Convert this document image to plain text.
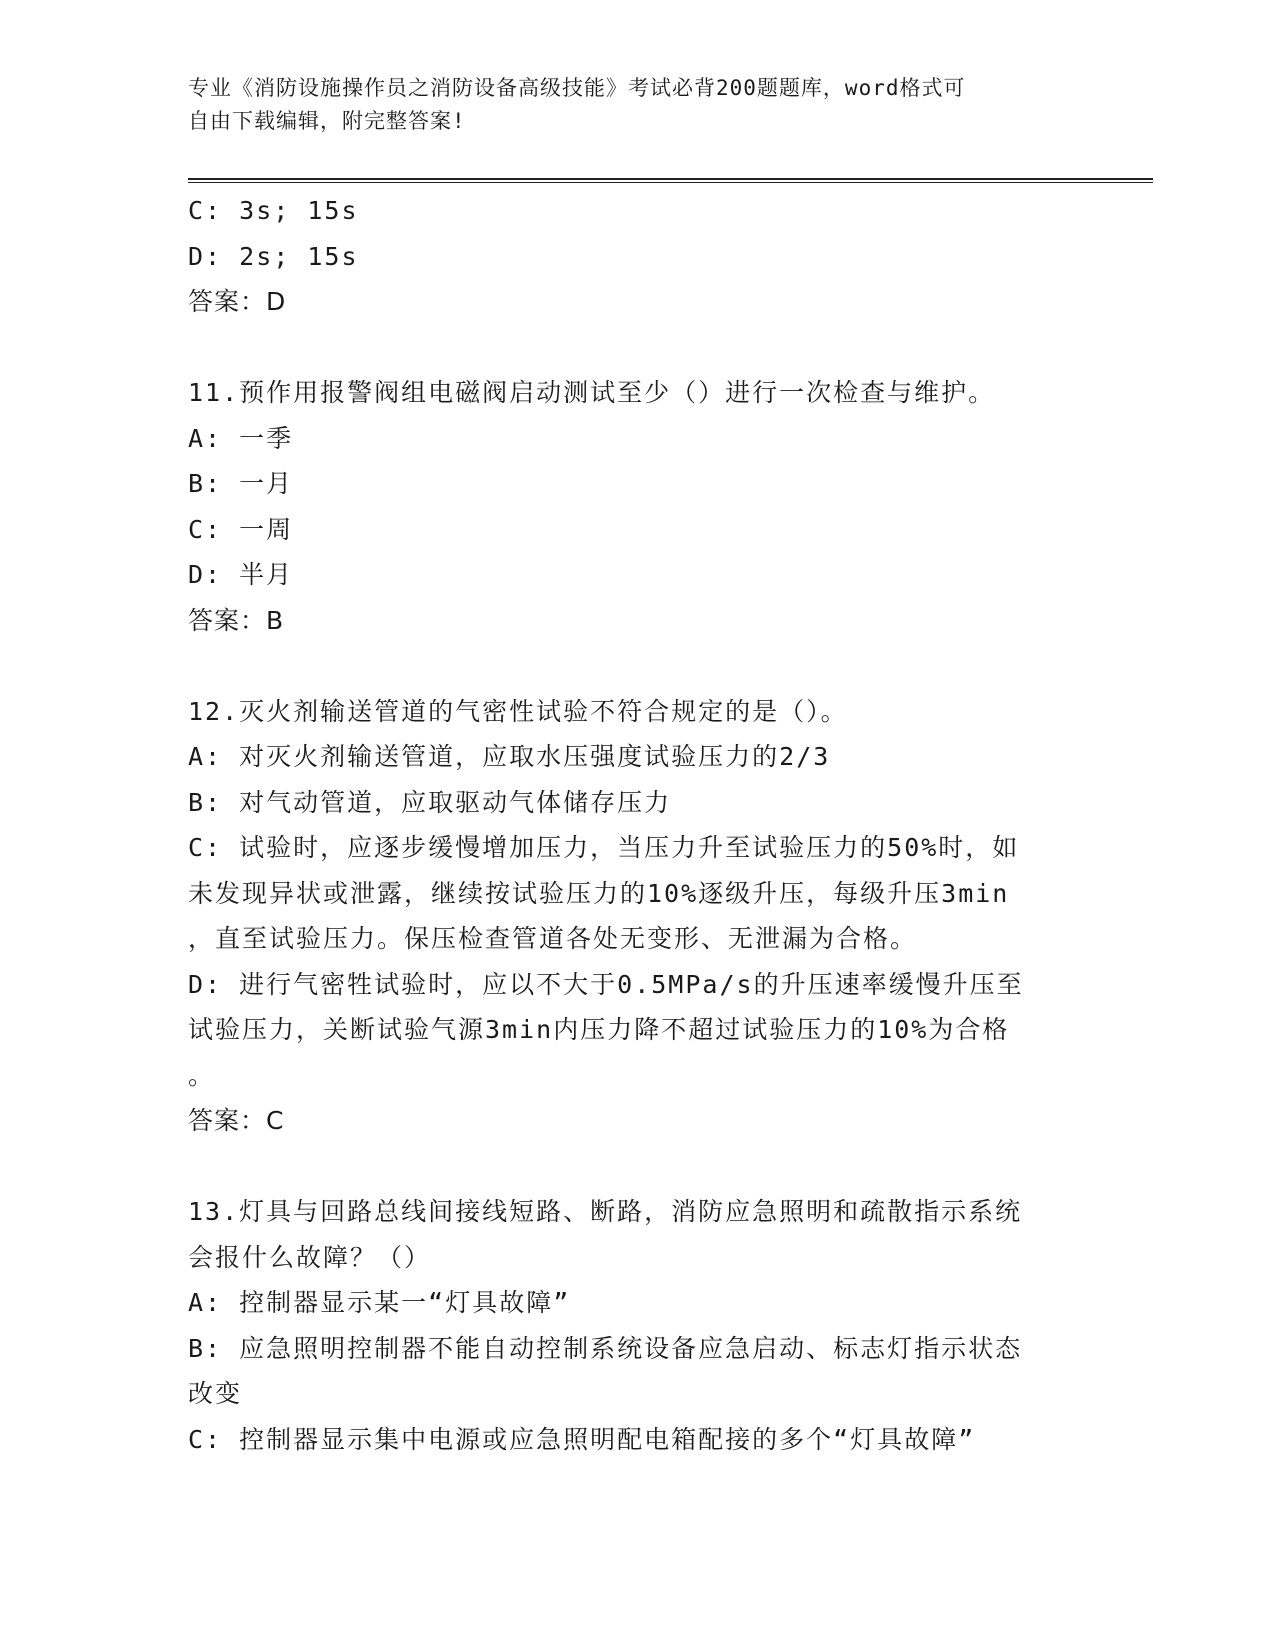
专业《消防设施操作员之消防设备高级技能》考试必背200题题库，word格式可
自由下载编辑，附完整答案!
C: 3s; 15s
D: 2s; 15s
答案：D
11.预作用报警阀组电磁阀启动测试至少（）进行一次检查与维护。
A: 一季
B: 一月
C: 一周
D: 半月
答案：B
12.灭火剂输送管道的气密性试验不符合规定的是（）。
A: 对灭火剂输送管道，应取水压强度试验压力的2/3
B: 对气动管道，应取驱动气体储存压力
C: 试验时，应逐步缓慢增加压力，当压力升至试验压力的50%时，如
未发现异状或泄露，继续按试验压力的10%逐级升压，每级升压3min
，直至试验压力。保压检查管道各处无变形、无泄漏为合格。
D: 进行气密牲试验时，应以不大于0.5MPa/s的升压速率缓慢升压至
试验压力，关断试验气源3min内压力降不超过试验压力的10%为合格
。
答案：C
13.灯具与回路总线间接线短路、断路，消防应急照明和疏散指示系统
会报什么故障？（）
A: 控制器显示某一“灯具故障”
B: 应急照明控制器不能自动控制系统设备应急启动、标志灯指示状态
改变
C: 控制器显示集中电源或应急照明配电箱配接的多个“灯具故障”
